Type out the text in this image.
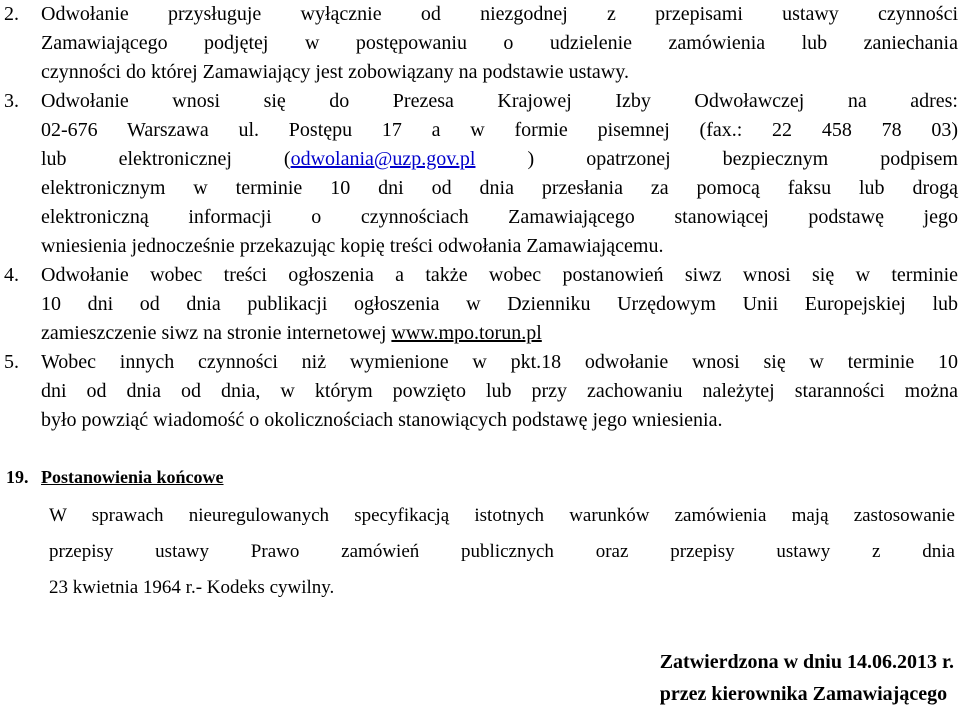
2. Odwołanie przysługuje wyłącznie od niezgodnej z przepisami ustawy czynności
Zamawiającego podjętej w postępowaniu o udzielenie zamówienia lub zaniechania
czynności do której Zamawiający jest zobowiązany na podstawie ustawy.
3. Odwołanie wnosi się do Prezesa Krajowej Izby Odwoławczej na adres:
02-676 Warszawa ul. Postępu 17 a w formie pisemnej (fax.: 22 458 78 03)
lub elektronicznej (odwolania@uzp.gov.pl ) opatrzonej bezpiecznym podpisem
elektronicznym w terminie 10 dni od dnia przesłania za pomocą faksu lub drogą
elektroniczną informacji o czynnościach Zamawiającego stanowiącej podstawę jego
wniesienia jednocześnie przekazując kopię treści odwołania Zamawiającemu.
4. Odwołanie wobec treści ogłoszenia a także wobec postanowień siwz wnosi się w terminie
10 dni od dnia publikacji ogłoszenia w Dzienniku Urzędowym Unii Europejskiej lub
zamieszczenie siwz na stronie internetowej www.mpo.torun.pl
5. Wobec innych czynności niż wymienione w pkt.18 odwołanie wnosi się w terminie 10
dni od dnia od dnia, w którym powzięto lub przy zachowaniu należytej staranności można
było powziąć wiadomość o okolicznościach stanowiących podstawę jego wniesienia.
19. Postanowienia końcowe
W sprawach nieuregulowanych specyfikacją istotnych warunków zamówienia mają zastosowanie
przepisy ustawy Prawo zamówień publicznych oraz przepisy ustawy z dnia
23 kwietnia 1964 r.- Kodeks cywilny.
Zatwierdzona w dniu 14.06.2013 r.
przez kierownika Zamawiającego
